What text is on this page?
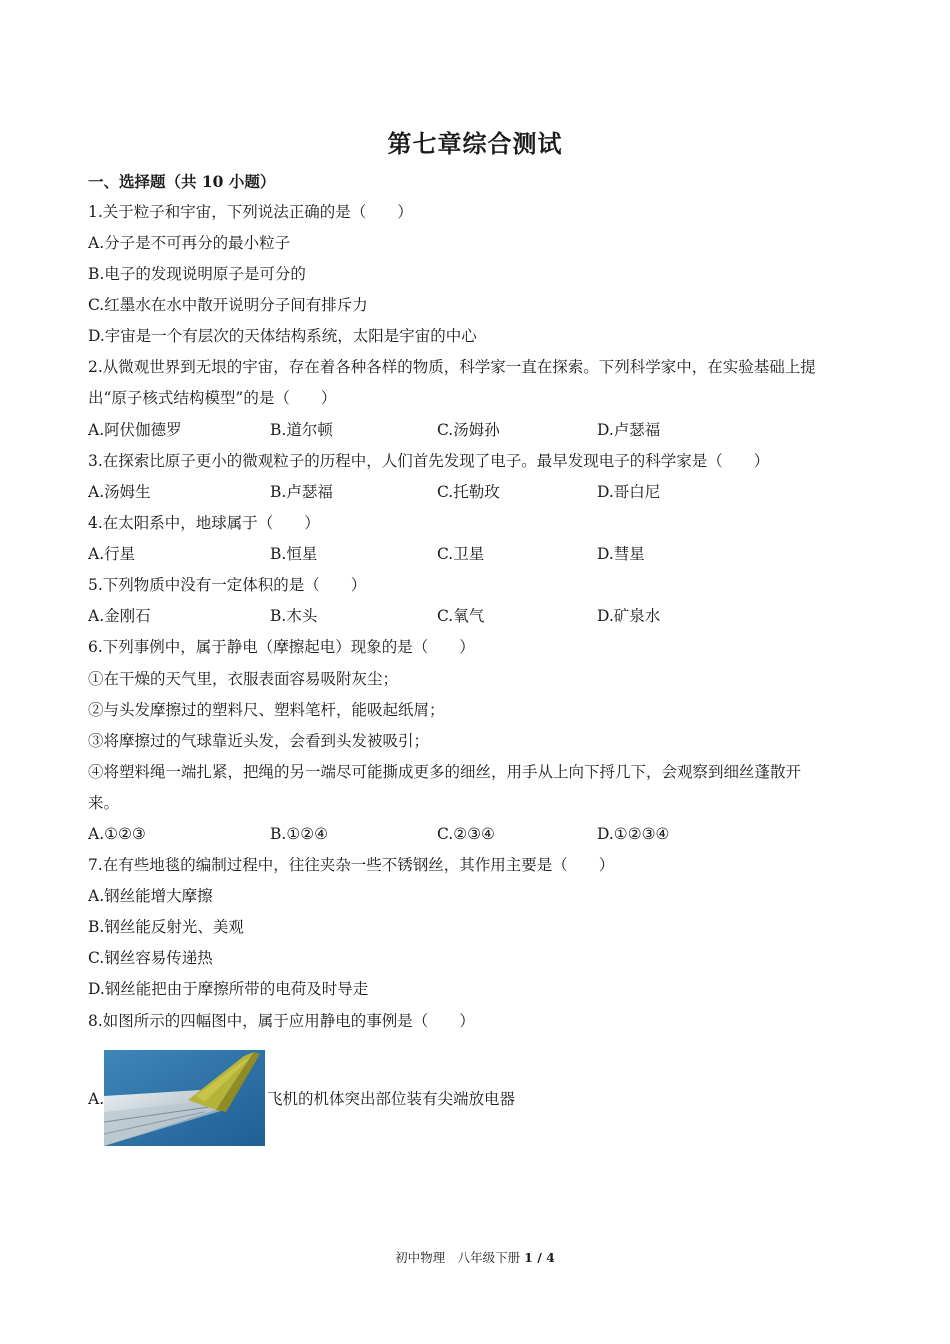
第七章综合测试
一、选择题（共 10 小题）
1.关于粒子和宇宙，下列说法正确的是（　　）
A.分子是不可再分的最小粒子
B.电子的发现说明原子是可分的
C.红墨水在水中散开说明分子间有排斥力
D.宇宙是一个有层次的天体结构系统，太阳是宇宙的中心
2.从微观世界到无垠的宇宙，存在着各种各样的物质，科学家一直在探索。下列科学家中，在实验基础上提
出“原子核式结构模型”的是（　　）
A.阿伏伽德罗	B.道尔顿	C.汤姆孙	D.卢瑟福
3.在探索比原子更小的微观粒子的历程中，人们首先发现了电子。最早发现电子的科学家是（　　）
A.汤姆生	B.卢瑟福	C.托勒玫	D.哥白尼
4.在太阳系中，地球属于（　　）
A.行星	B.恒星	C.卫星	D.彗星
5.下列物质中没有一定体积的是（　　）
A.金刚石	B.木头	C.氧气	D.矿泉水
6.下列事例中，属于静电（摩擦起电）现象的是（　　）
①在干燥的天气里，衣服表面容易吸附灰尘；
②与头发摩擦过的塑料尺、塑料笔杆，能吸起纸屑；
③将摩擦过的气球靠近头发，会看到头发被吸引；
④将塑料绳一端扎紧，把绳的另一端尽可能撕成更多的细丝，用手从上向下捋几下，会观察到细丝蓬散开
来。
A.①②③	B.①②④	C.②③④	D.①②③④
7.在有些地毯的编制过程中，往往夹杂一些不锈钢丝，其作用主要是（　　）
A.钢丝能增大摩擦
B.钢丝能反射光、美观
C.钢丝容易传递热
D.钢丝能把由于摩擦所带的电荷及时导走
8.如图所示的四幅图中，属于应用静电的事例是（　　）
A.	飞机的机体突出部位装有尖端放电器
初中物理　八年级下册 1 / 4
